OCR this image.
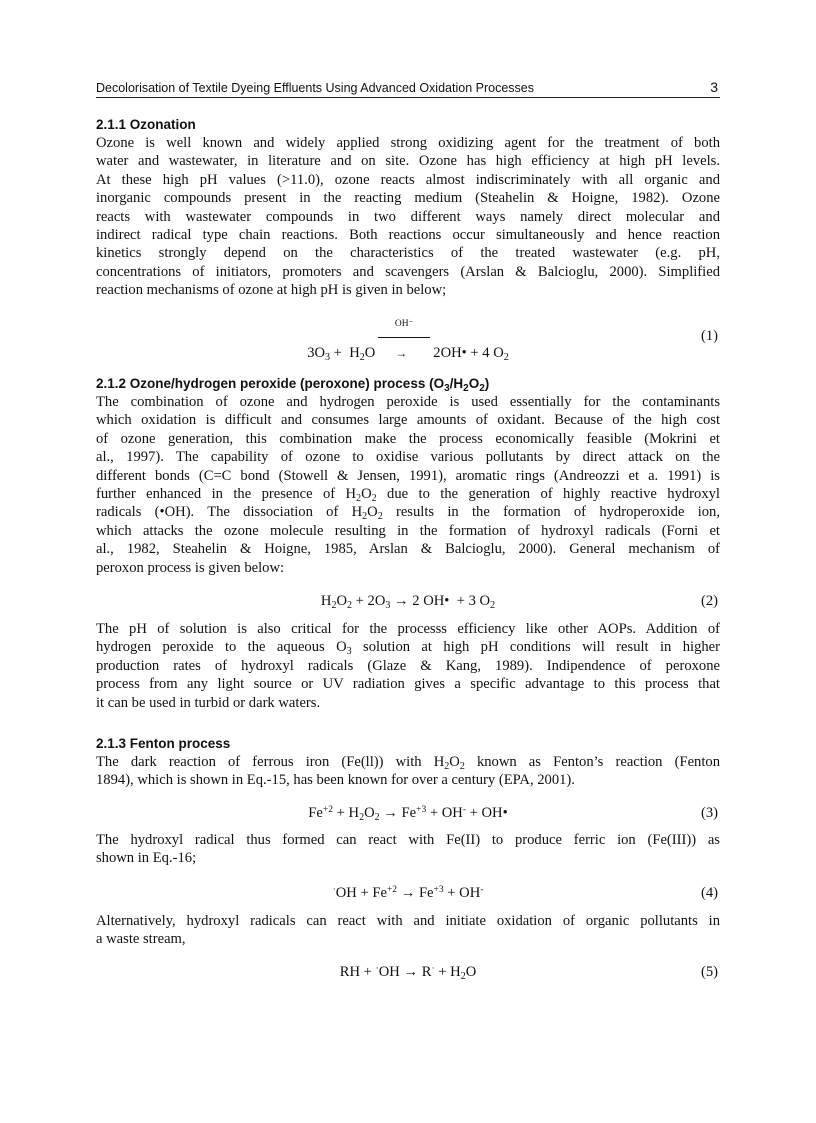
Decolorisation of Textile Dyeing Effluents Using Advanced Oxidation Processes	3
2.1.1 Ozonation
Ozone is well known and widely applied strong oxidizing agent for the treatment of both
water and wastewater, in literature and on site. Ozone has high efficiency at high pH levels.
At these high pH values (>11.0), ozone reacts almost indiscriminately with all organic and
inorganic compounds present in the reacting medium (Steahelin & Hoigne, 1982). Ozone
reacts with wastewater compounds in two different ways namely direct molecular and
indirect radical type chain reactions. Both reactions occur simultaneously and hence reaction
kinetics strongly depend on the characteristics of the treated wastewater (e.g. pH,
concentrations of initiators, promoters and scavengers (Arslan & Balcioglu, 2000). Simplified
reaction mechanisms of ozone at high pH is given in below;
$3O_3 + H_2O$
OH⁻
→ 2OH• + 4 $O_2$
(1)
2.1.2 Ozone/hydrogen peroxide (peroxone) process $(O_3/H_2O_2)$
The combination of ozone and hydrogen peroxide is used essentially for the contaminants
which oxidation is difficult and consumes large amounts of oxidant. Because of the high cost
of ozone generation, this combination make the process economically feasible (Mokrini et
al., 1997). The capability of ozone to oxidise various pollutants by direct attack on the
different bonds (C=C bond (Stowell & Jensen, 1991), aromatic rings (Andreozzi et a. 1991) is
further enhanced in the presence of $H_2O_2$ due to the generation of highly reactive hydroxyl
radicals (•OH). The dissociation of $H_2O_2$ results in the formation of hydroperoxide ion,
which attacks the ozone molecule resulting in the formation of hydroxyl radicals (Forni et
al., 1982, Steahelin & Hoigne, 1985, Arslan & Balcioglu, 2000). General mechanism of
peroxon process is given below:
$H_2O_2 + 2O_3 \to 2$ OH•  + 3 $O_2$	(2)
The pH of solution is also critical for the processs efficiency like other AOPs. Addition of
hydrogen peroxide to the aqueous $O_3$ solution at high pH conditions will result in higher
production rates of hydroxyl radicals (Glaze & Kang, 1989). Indipendence of peroxone
process from any light source or UV radiation gives a specific advantage to this process that
it can be used in turbid or dark waters.
2.1.3 Fenton process
The dark reaction of ferrous iron (Fe(ll)) with $H_2O_2$ known as Fenton’s reaction (Fenton
1894), which is shown in Eq.-15, has been known for over a century (EPA, 2001).
$Fe^{+2} + H_2O_2 \to Fe^{+3} + OH^-$ + OH•	(3)
The hydroxyl radical thus formed can react with Fe(II) to produce ferric ion (Fe(III)) as
shown in Eq.-16;
$^\cdot OH + Fe^{+2} \to Fe^{+3} + OH^-$	(4)
Alternatively, hydroxyl radicals can react with and initiate oxidation of organic pollutants in
a waste stream,
RH + $^\cdot OH \to R^\cdot + H_2O$	(5)
